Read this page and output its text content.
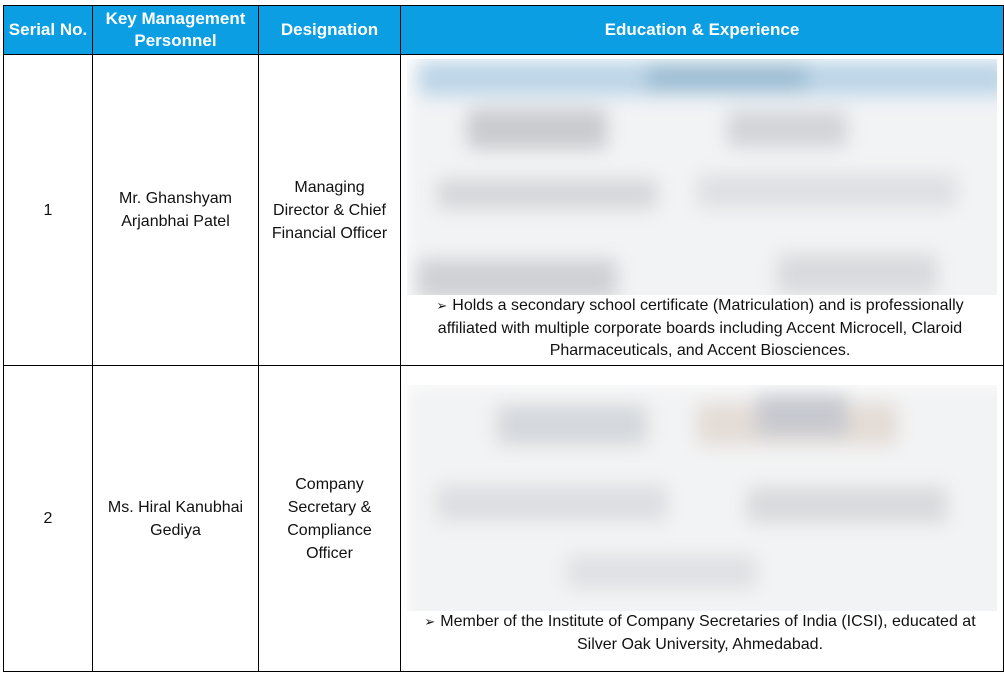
Serial No.	Key Management Personnel	Designation	Education & Experience
1	Mr. Ghanshyam Arjanbhai Patel	Managing Director & Chief Financial Officer	➢ Holds a secondary school certificate (Matriculation) and is professionally affiliated with multiple corporate boards including Accent Microcell, Claroid Pharmaceuticals, and Accent Biosciences.

2	Ms. Hiral Kanubhai Gediya	Company Secretary & Compliance Officer	➢ Member of the Institute of Company Secretaries of India (ICSI), educated at Silver Oak University, Ahmedabad.
